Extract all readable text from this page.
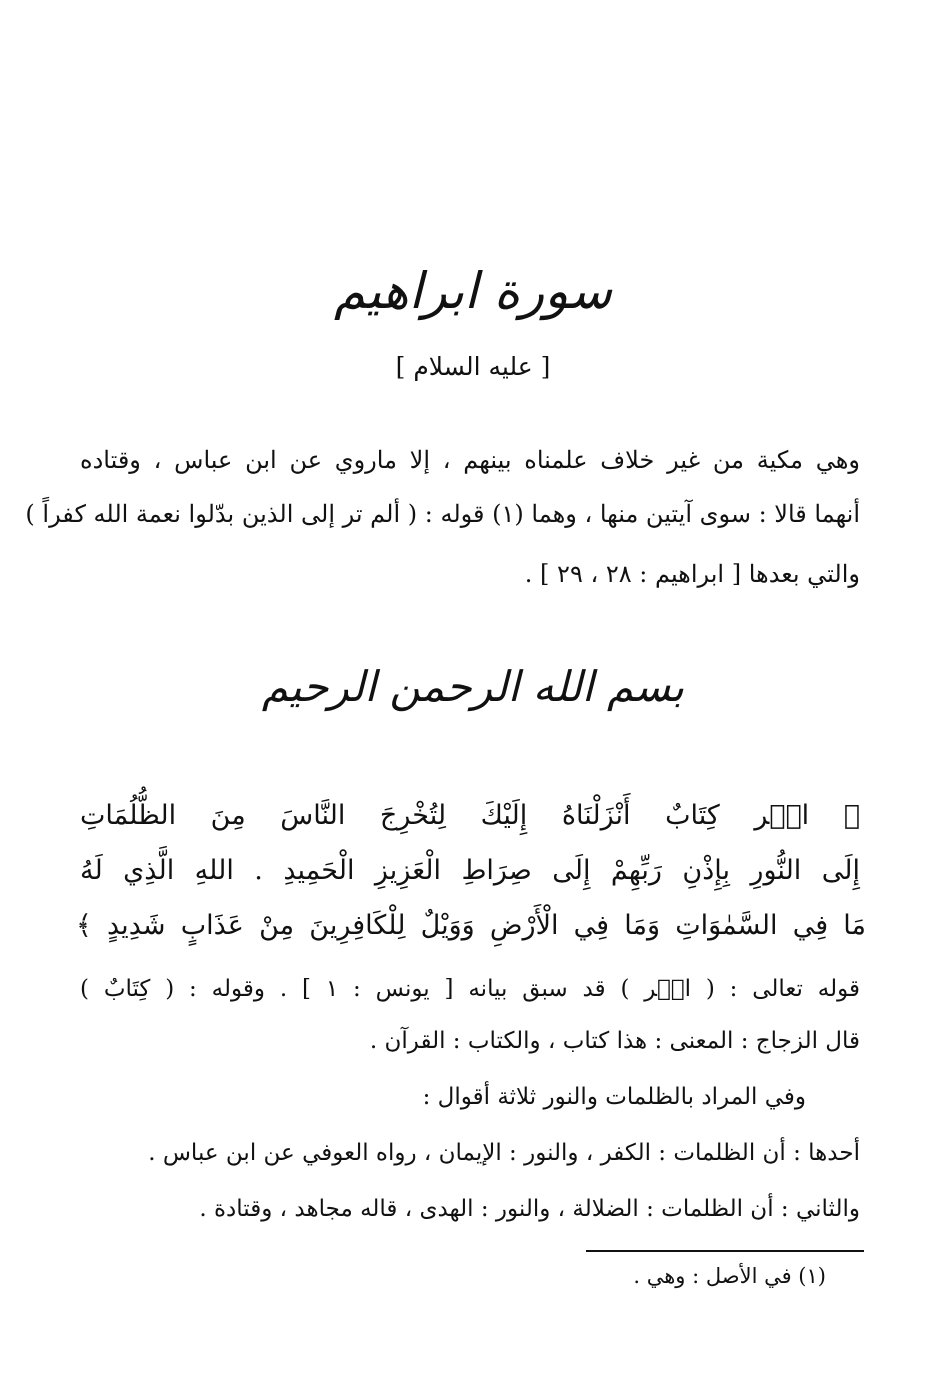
سورة ابراهيم
[ عليه السلام ]
وهي مكية من غير خلاف علمناه بينهم ، إلا ماروي عن ابن عباس ، وقتاده
أنهما قالا : سوى آيتين منها ، وهما (١) قوله : ( ألم تر إلى الذين بدّلوا نعمة الله كفراً )
والتي بعدها [ ابراهيم : ٢٨ ، ٢٩ ] .
بسم الله الرحمن الرحيم
﴿ الۤر كِتَابٌ أَنْزَلْنَاهُ إِلَيْكَ لِتُخْرِجَ النَّاسَ مِنَ الظُّلُمَاتِ
إِلَى النُّورِ بِإِذْنِ رَبِّهِمْ إِلَى صِرَاطِ الْعَزِيزِ الْحَمِيدِ . اللهِ الَّذِي لَهُ
مَا فِي السَّمٰوَاتِ وَمَا فِي الْأَرْضِ وَوَيْلٌ لِلْكَافِرِينَ مِنْ عَذَابٍ شَدِيدٍ ﴾
قوله تعالى : ( الۤر ) قد سبق بيانه [ يونس : ١ ] . وقوله : ( كِتَابٌ )
قال الزجاج : المعنى : هذا كتاب ، والكتاب : القرآن .
وفي المراد بالظلمات والنور ثلاثة أقوال :
أحدها : أن الظلمات : الكفر ، والنور : الإيمان ، رواه العوفي عن ابن عباس .
والثاني : أن الظلمات : الضلالة ، والنور : الهدى ، قاله مجاهد ، وقتادة .
(١) في الأصل : وهي .
